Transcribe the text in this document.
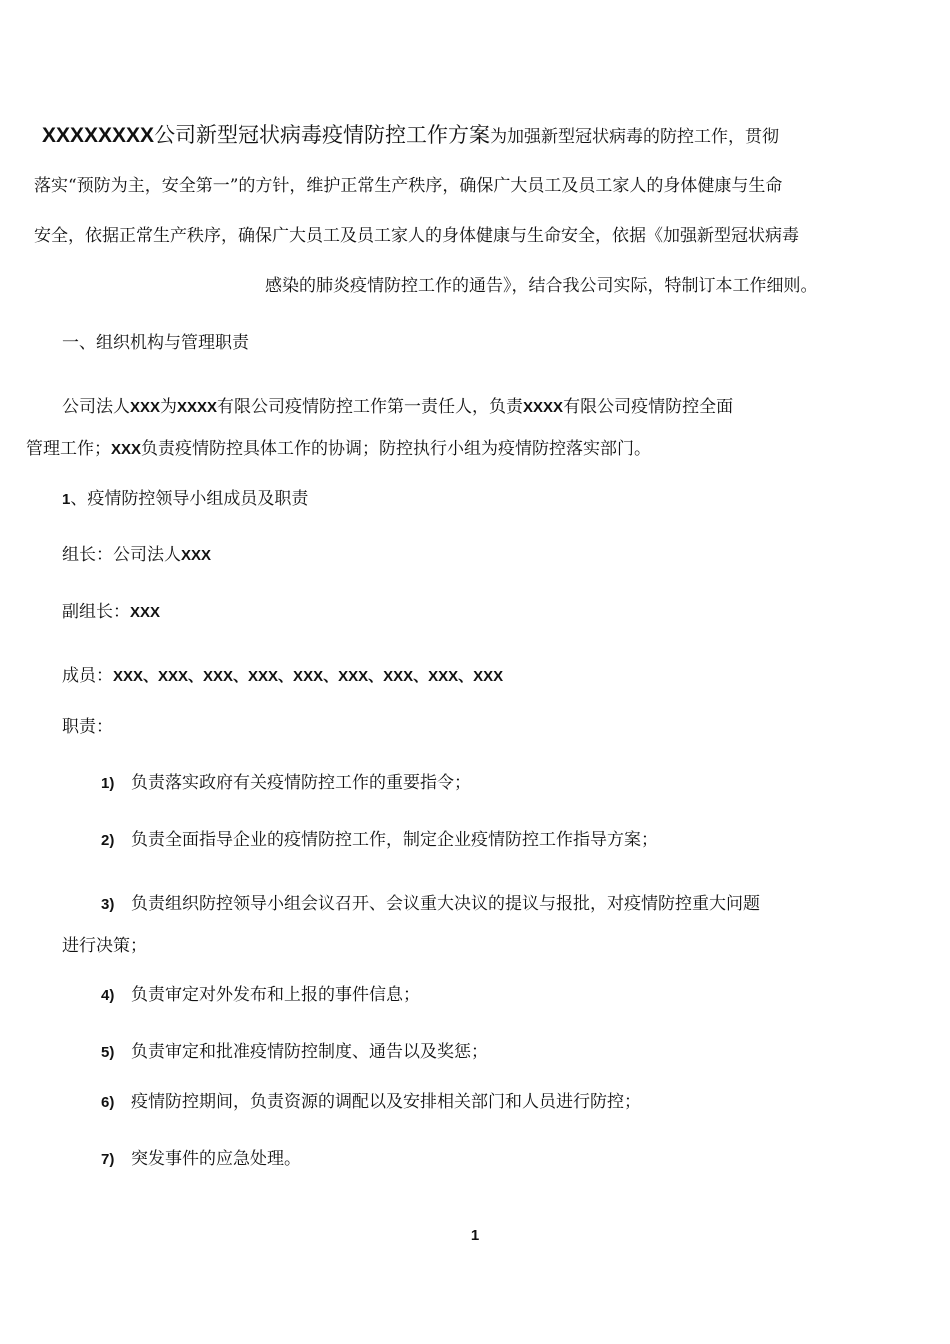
XXXXXXXX公司新型冠状病毒疫情防控工作方案为加强新型冠状病毒的防控工作，贯彻
落实“预防为主，安全第一”的方针，维护正常生产秩序，确保广大员工及员工家人的身体健康与生命
安全，依据正常生产秩序，确保广大员工及员工家人的身体健康与生命安全，依据《加强新型冠状病毒
感染的肺炎疫情防控工作的通告》，结合我公司实际，特制订本工作细则。
一、组织机构与管理职责
公司法人XXX为XXXX有限公司疫情防控工作第一责任人，负责XXXX有限公司疫情防控全面
管理工作；XXX负责疫情防控具体工作的协调；防控执行小组为疫情防控落实部门。
1、疫情防控领导小组成员及职责
组长：公司法人XXX
副组长：XXX
成员：XXX、XXX、XXX、XXX、XXX、XXX、XXX、XXX、XXX
职责：
1) 负责落实政府有关疫情防控工作的重要指令；
2) 负责全面指导企业的疫情防控工作，制定企业疫情防控工作指导方案；
3) 负责组织防控领导小组会议召开、会议重大决议的提议与报批，对疫情防控重大问题
进行决策；
4) 负责审定对外发布和上报的事件信息；
5) 负责审定和批准疫情防控制度、通告以及奖惩；
6) 疫情防控期间，负责资源的调配以及安排相关部门和人员进行防控；
7) 突发事件的应急处理。
1
